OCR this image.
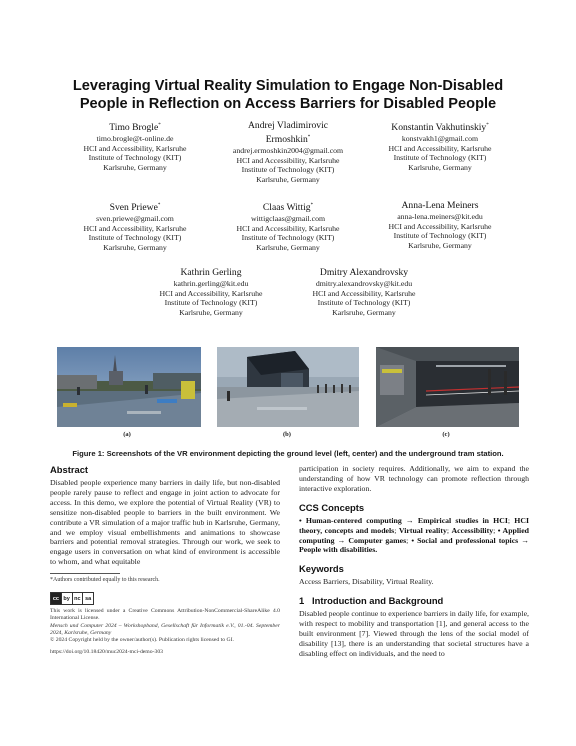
Leveraging Virtual Reality Simulation to Engage Non-Disabled
People in Reflection on Access Barriers for Disabled People
Timo Brogle*
timo.brogle@t-online.de
HCI and Accessibility, Karlsruhe
Institute of Technology (KIT)
Karlsruhe, Germany
Andrej Vladimirovic
Ermoshkin*
andrej.ermoshkin2004@gmail.com
HCI and Accessibility, Karlsruhe
Institute of Technology (KIT)
Karlsruhe, Germany
Konstantin Vakhutinskiy*
konstvakh1@gmail.com
HCI and Accessibility, Karlsruhe
Institute of Technology (KIT)
Karlsruhe, Germany
Sven Priewe*
sven.priewe@gmail.com
HCI and Accessibility, Karlsruhe
Institute of Technology (KIT)
Karlsruhe, Germany
Claas Wittig*
wittigclaas@gmail.com
HCI and Accessibility, Karlsruhe
Institute of Technology (KIT)
Karlsruhe, Germany
Anna-Lena Meiners
anna-lena.meiners@kit.edu
HCI and Accessibility, Karlsruhe
Institute of Technology (KIT)
Karlsruhe, Germany
Kathrin Gerling
kathrin.gerling@kit.edu
HCI and Accessibility, Karlsruhe
Institute of Technology (KIT)
Karlsruhe, Germany
Dmitry Alexandrovsky
dmitry.alexandrovsky@kit.edu
HCI and Accessibility, Karlsruhe
Institute of Technology (KIT)
Karlsruhe, Germany
(a)	(b)	(c)
Figure 1: Screenshots of the VR environment depicting the ground level (left, center) and the underground tram station.
Abstract
Disabled people experience many barriers in daily life, but non-disabled people rarely pause to reflect and engage in joint action to advocate for access. In this demo, we explore the potential of Virtual Reality (VR) to sensitize non-disabled people to barriers in the built environment. We contribute a VR simulation of a major traffic hub in Karlsruhe, Germany, and we employ visual embellishments and animations to showcase barriers and potential removal strategies. Through our work, we seek to engage users in conversation on what kind of environment is accessible to whom, and what equitable
*Authors contributed equally to this research.
cc by nc sa
This work is licensed under a Creative Commons Attribution-NonCommercial-ShareAlike 4.0 International License.
Mensch und Computer 2024 – Workshopband, Gesellschaft für Informatik e.V., 01.-04. September 2024, Karlsruhe, Germany
© 2024 Copyright held by the owner/author(s). Publication rights licensed to GI.
https://doi.org/10.18420/muc2024-mci-demo-303
participation in society requires. Additionally, we aim to expand the understanding of how VR technology can promote reflection through interactive exploration.
CCS Concepts
• Human-centered computing → Empirical studies in HCI; HCI theory, concepts and models; Virtual reality; Accessibility; • Applied computing → Computer games; • Social and professional topics → People with disabilities.
Keywords
Access Barriers, Disability, Virtual Reality.
1   Introduction and Background
Disabled people continue to experience barriers in daily life, for example, with respect to mobility and transportation [1], and general access to the built environment [7]. Viewed through the lens of the social model of disability [13], there is an understanding that societal structures have a disabling effect on individuals, and the need to
